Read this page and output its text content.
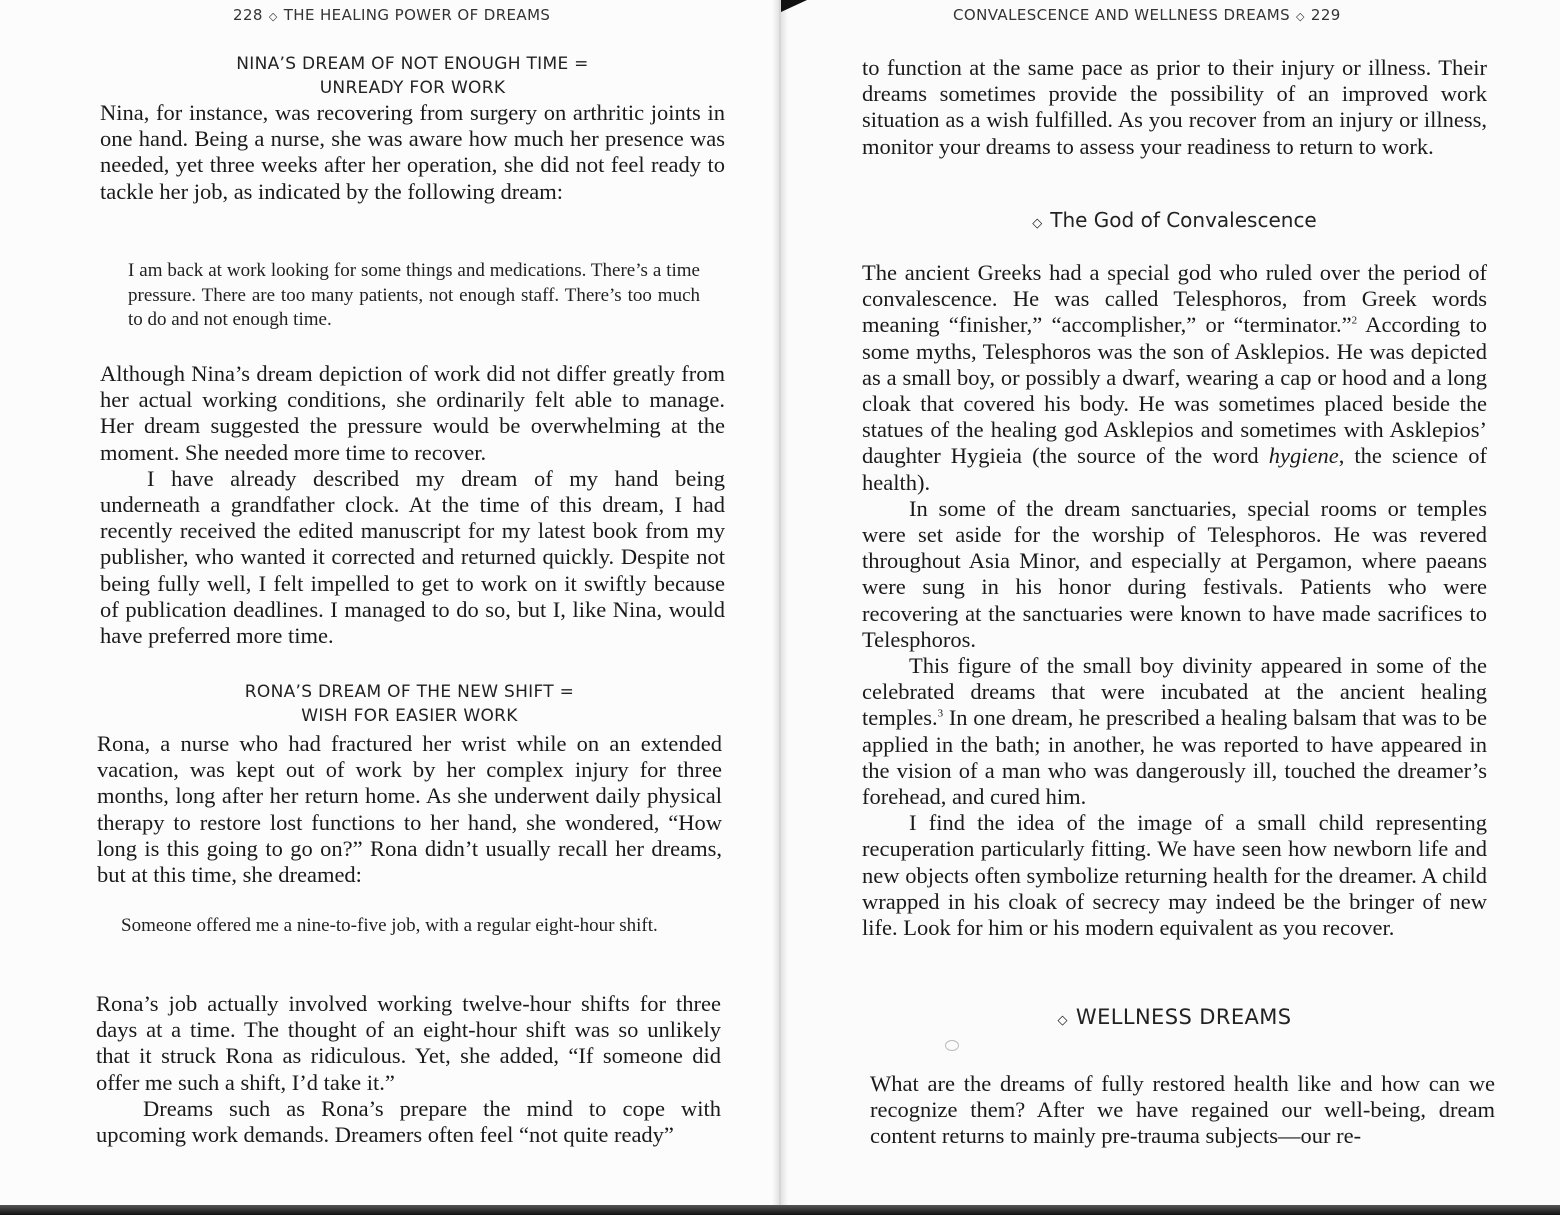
228 ◇ THE HEALING POWER OF DREAMS
NINA’S DREAM OF NOT ENOUGH TIME =
UNREADY FOR WORK

Nina, for instance, was recovering from surgery on arthritic joints in one hand. Being a nurse, she was aware how much her presence was needed, yet three weeks after her operation, she did not feel ready to tackle her job, as indicated by the following dream:

I am back at work looking for some things and medications. There’s a time pressure. There are too many patients, not enough staff. There’s too much to do and not enough time.

Although Nina’s dream depiction of work did not differ greatly from her actual working conditions, she ordinarily felt able to manage. Her dream suggested the pressure would be overwhelming at the moment. She needed more time to recover.

I have already described my dream of my hand being underneath a grandfather clock. At the time of this dream, I had recently received the edited manuscript for my latest book from my publisher, who wanted it corrected and returned quickly. Despite not being fully well, I felt impelled to get to work on it swiftly because of publication deadlines. I managed to do so, but I, like Nina, would have preferred more time.

RONA’S DREAM OF THE NEW SHIFT =
WISH FOR EASIER WORK

Rona, a nurse who had fractured her wrist while on an extended vacation, was kept out of work by her complex injury for three months, long after her return home. As she underwent daily physical therapy to restore lost functions to her hand, she wondered, “How long is this going to go on?” Rona didn’t usually recall her dreams, but at this time, she dreamed:

Someone offered me a nine-to-five job, with a regular eight-hour shift.

Rona’s job actually involved working twelve-hour shifts for three days at a time. The thought of an eight-hour shift was so unlikely that it struck Rona as ridiculous. Yet, she added, “If someone did offer me such a shift, I’d take it.”

Dreams such as Rona’s prepare the mind to cope with upcoming work demands. Dreamers often feel “not quite ready”

CONVALESCENCE AND WELLNESS DREAMS ◇ 229

to function at the same pace as prior to their injury or illness. Their dreams sometimes provide the possibility of an improved work situation as a wish fulfilled. As you recover from an injury or illness, monitor your dreams to assess your readiness to return to work.

◇ The God of Convalescence

The ancient Greeks had a special god who ruled over the period of convalescence. He was called Telesphoros, from Greek words meaning “finisher,” “accomplisher,” or “terminator.”$^2$ According to some myths, Telesphoros was the son of Asklepios. He was depicted as a small boy, or possibly a dwarf, wearing a cap or hood and a long cloak that covered his body. He was sometimes placed beside the statues of the healing god Asklepios and sometimes with Asklepios’ daughter Hygieia (the source of the word hygiene, the science of health).

In some of the dream sanctuaries, special rooms or temples were set aside for the worship of Telesphoros. He was revered throughout Asia Minor, and especially at Pergamon, where paeans were sung in his honor during festivals. Patients who were recovering at the sanctuaries were known to have made sacrifices to Telesphoros.

This figure of the small boy divinity appeared in some of the celebrated dreams that were incubated at the ancient healing temples.$^3$ In one dream, he prescribed a healing balsam that was to be applied in the bath; in another, he was reported to have appeared in the vision of a man who was dangerously ill, touched the dreamer’s forehead, and cured him.

I find the idea of the image of a small child representing recuperation particularly fitting. We have seen how newborn life and new objects often symbolize returning health for the dreamer. A child wrapped in his cloak of secrecy may indeed be the bringer of new life. Look for him or his modern equivalent as you recover.

◇ WELLNESS DREAMS

What are the dreams of fully restored health like and how can we recognize them? After we have regained our well-being, dream content returns to mainly pre-trauma subjects—our re-
